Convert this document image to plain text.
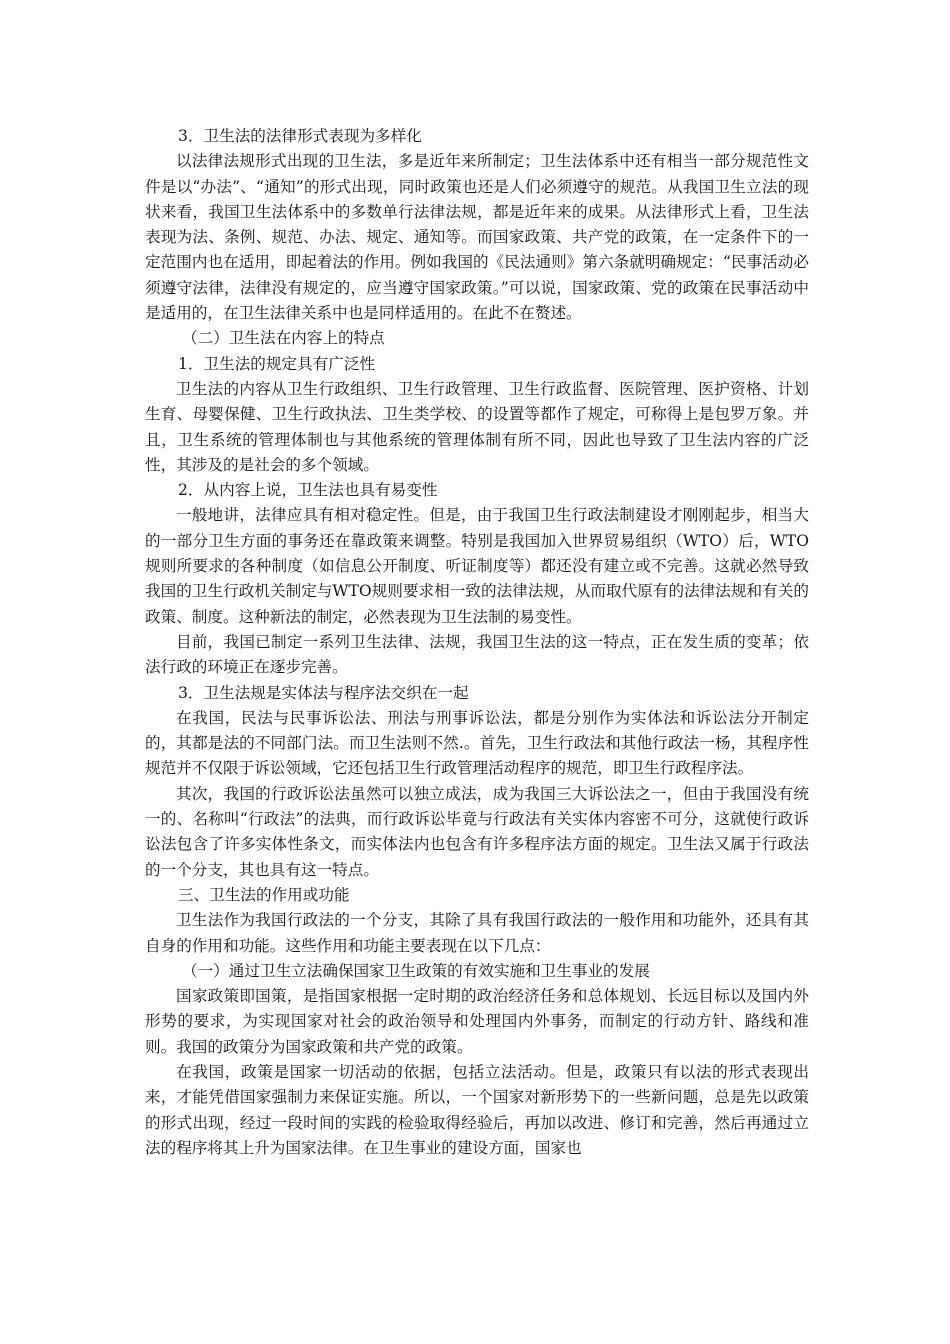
3．卫生法的法律形式表现为多样化

以法律法规形式出现的卫生法，多是近年来所制定；卫生法体系中还有相当一部分规范性文件是以“办法”、“通知”的形式出现，同时政策也还是人们必须遵守的规范。从我国卫生立法的现状来看，我国卫生法体系中的多数单行法律法规，都是近年来的成果。从法律形式上看，卫生法表现为法、条例、规范、办法、规定、通知等。而国家政策、共产党的政策，在一定条件下的一定范围内也在适用，即起着法的作用。例如我国的《民法通则》第六条就明确规定：“民事活动必须遵守法律，法律没有规定的，应当遵守国家政策。”可以说，国家政策、党的政策在民事活动中是适用的，在卫生法律关系中也是同样适用的。在此不在赘述。

（二）卫生法在内容上的特点

1．卫生法的规定具有广泛性

卫生法的内容从卫生行政组织、卫生行政管理、卫生行政监督、医院管理、医护资格、计划生育、母婴保健、卫生行政执法、卫生类学校、的设置等都作了规定，可称得上是包罗万象。并且，卫生系统的管理体制也与其他系统的管理体制有所不同，因此也导致了卫生法内容的广泛性，其涉及的是社会的多个领域。

2．从内容上说，卫生法也具有易变性

一般地讲，法律应具有相对稳定性。但是，由于我国卫生行政法制建设才刚刚起步，相当大的一部分卫生方面的事务还在靠政策来调整。特别是我国加入世界贸易组织（WTO）后，WTO规则所要求的各种制度（如信息公开制度、听证制度等）都还没有建立或不完善。这就必然导致我国的卫生行政机关制定与WTO规则要求相一致的法律法规，从而取代原有的法律法规和有关的政策、制度。这种新法的制定，必然表现为卫生法制的易变性。

目前，我国已制定一系列卫生法律、法规，我国卫生法的这一特点，正在发生质的变革；依法行政的环境正在逐步完善。

3．卫生法规是实体法与程序法交织在一起

在我国，民法与民事诉讼法、刑法与刑事诉讼法，都是分别作为实体法和诉讼法分开制定的，其都是法的不同部门法。而卫生法则不然.。首先，卫生行政法和其他行政法一杨，其程序性规范并不仅限于诉讼领域，它还包括卫生行政管理活动程序的规范，即卫生行政程序法。

其次，我国的行政诉讼法虽然可以独立成法，成为我国三大诉讼法之一，但由于我国没有统一的、名称叫“行政法”的法典，而行政诉讼毕竟与行政法有关实体内容密不可分，这就使行政诉讼法包含了许多实体性条文，而实体法内也包含有许多程序法方面的规定。卫生法又属于行政法的一个分支，其也具有这一特点。

三、卫生法的作用或功能

卫生法作为我国行政法的一个分支，其除了具有我国行政法的一般作用和功能外，还具有其自身的作用和功能。这些作用和功能主要表现在以下几点：

（一）通过卫生立法确保国家卫生政策的有效实施和卫生事业的发展

国家政策即国策，是指国家根据一定时期的政治经济任务和总体规划、长远目标以及国内外形势的要求，为实现国家对社会的政治领导和处理国内外事务，而制定的行动方针、路线和准则。我国的政策分为国家政策和共产党的政策。

在我国，政策是国家一切活动的依据，包括立法活动。但是，政策只有以法的形式表现出来，才能凭借国家强制力来保证实施。所以，一个国家对新形势下的一些新问题，总是先以政策的形式出现，经过一段时间的实践的检验取得经验后，再加以改进、修订和完善，然后再通过立法的程序将其上升为国家法律。在卫生事业的建设方面，国家也
